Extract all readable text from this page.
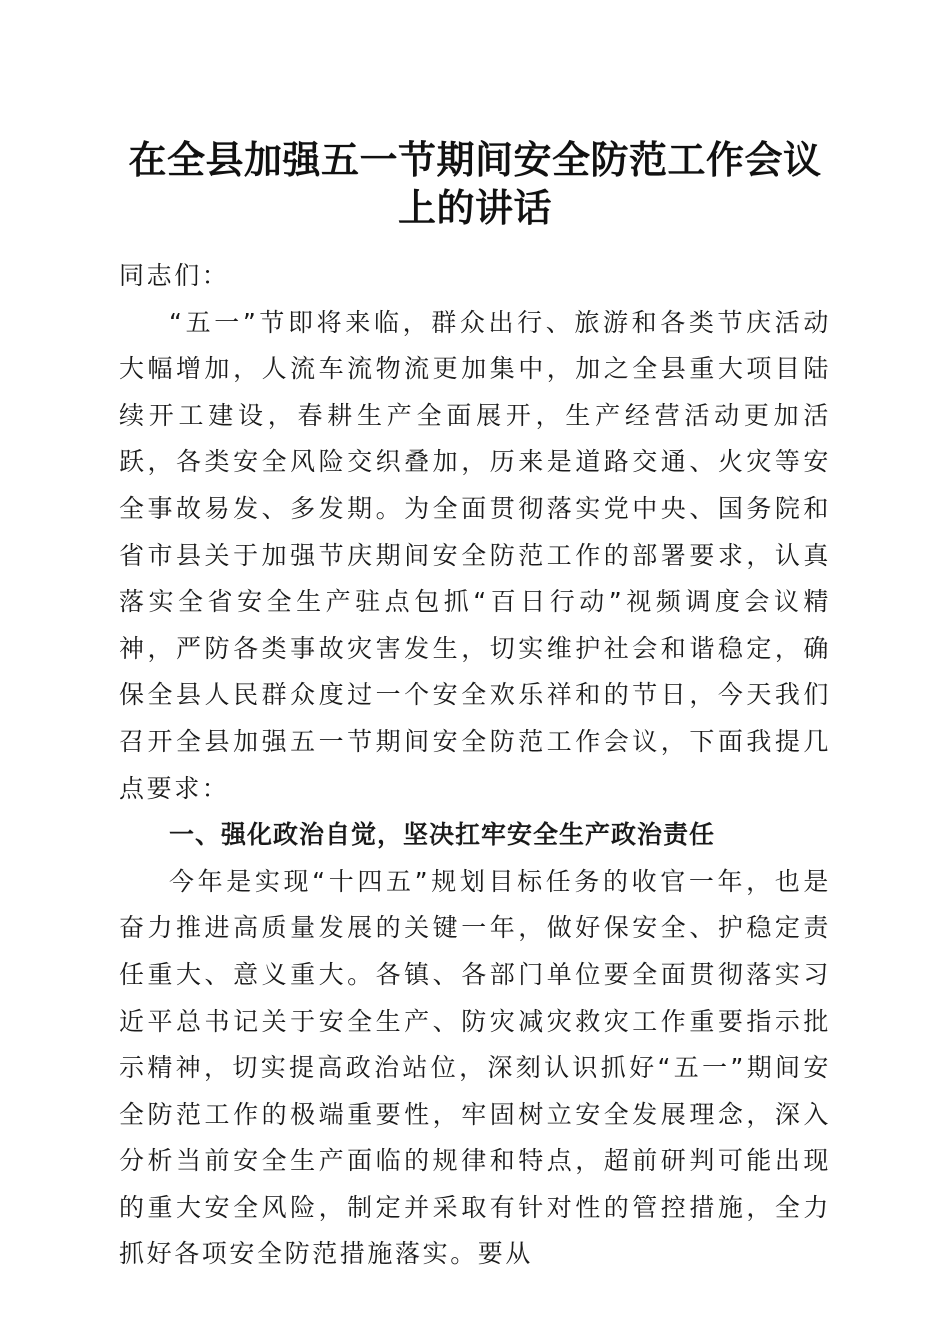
在全县加强五一节期间安全防范工作会议上的讲话

同志们：

“五一”节即将来临，群众出行、旅游和各类节庆活动大幅增加，人流车流物流更加集中，加之全县重大项目陆续开工建设，春耕生产全面展开，生产经营活动更加活跃，各类安全风险交织叠加，历来是道路交通、火灾等安全事故易发、多发期。为全面贯彻落实党中央、国务院和省市县关于加强节庆期间安全防范工作的部署要求，认真落实全省安全生产驻点包抓“百日行动”视频调度会议精神，严防各类事故灾害发生，切实维护社会和谐稳定，确保全县人民群众度过一个安全欢乐祥和的节日，今天我们召开全县加强五一节期间安全防范工作会议，下面我提几点要求：

一、强化政治自觉，坚决扛牢安全生产政治责任

今年是实现“十四五”规划目标任务的收官一年，也是奋力推进高质量发展的关键一年，做好保安全、护稳定责任重大、意义重大。各镇、各部门单位要全面贯彻落实习近平总书记关于安全生产、防灾减灾救灾工作重要指示批示精神，切实提高政治站位，深刻认识抓好“五一”期间安全防范工作的极端重要性，牢固树立安全发展理念，深入分析当前安全生产面临的规律和特点，超前研判可能出现的重大安全风险，制定并采取有针对性的管控措施，全力抓好各项安全防范措施落实。要从
